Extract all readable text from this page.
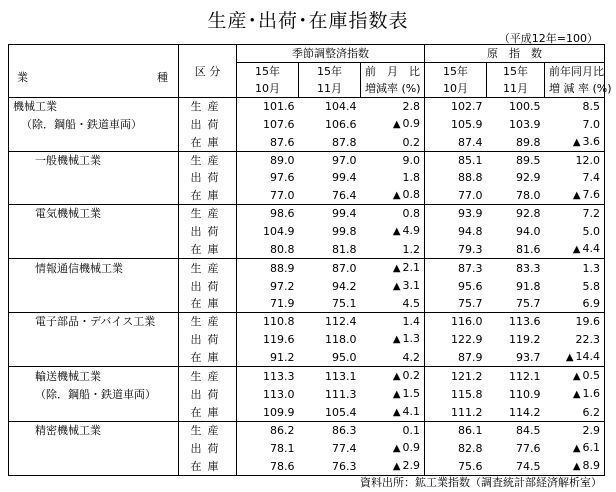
生産･出荷･在庫指数表
（平成12年=100）
業 種	区 分	季節調整済指数			原　指　数		
		15年	15年	前　月　比	15年	15年	前年同月比
		10月	11月	増減率 (%)	10月	11月	増 減 率 (%)
機械工業	生産	101.6	104.4	2.8	102.7	100.5	8.5
（除．鋼船・鉄道車両）	出荷	107.6	106.6	▲ 0.9	105.9	103.9	7.0
	在庫	87.6	87.8	0.2	87.4	89.8	▲ 3.6
一般機械工業	生産	89.0	97.0	9.0	85.1	89.5	12.0
	出荷	97.6	99.4	1.8	88.8	92.9	7.4
	在庫	77.0	76.4	▲ 0.8	77.0	78.0	▲ 7.6
電気機械工業	生産	98.6	99.4	0.8	93.9	92.8	7.2
	出荷	104.9	99.8	▲ 4.9	94.8	94.0	5.0
	在庫	80.8	81.8	1.2	79.3	81.6	▲ 4.4
情報通信機械工業	生産	88.9	87.0	▲ 2.1	87.3	83.3	1.3
	出荷	97.2	94.2	▲ 3.1	95.6	91.8	5.8
	在庫	71.9	75.1	4.5	75.7	75.7	6.9
電子部品・デバイス工業	生産	110.8	112.4	1.4	116.0	113.6	19.6
	出荷	119.6	118.0	▲ 1.3	122.9	119.2	22.3
	在庫	91.2	95.0	4.2	87.9	93.7	▲ 14.4
輸送機械工業	生産	113.3	113.1	▲ 0.2	121.2	112.1	▲ 0.5
（除．鋼船・鉄道車両）	出荷	113.0	111.3	▲ 1.5	115.8	110.9	▲ 1.6
	在庫	109.9	105.4	▲ 4.1	111.2	114.2	6.2
精密機械工業	生産	86.2	86.3	0.1	86.1	84.5	2.9
	出荷	78.1	77.4	▲ 0.9	82.8	77.6	▲ 6.1
	在庫	78.6	76.3	▲ 2.9	75.6	74.5	▲ 8.9
資料出所：鉱工業指数（調査統計部経済解析室）
